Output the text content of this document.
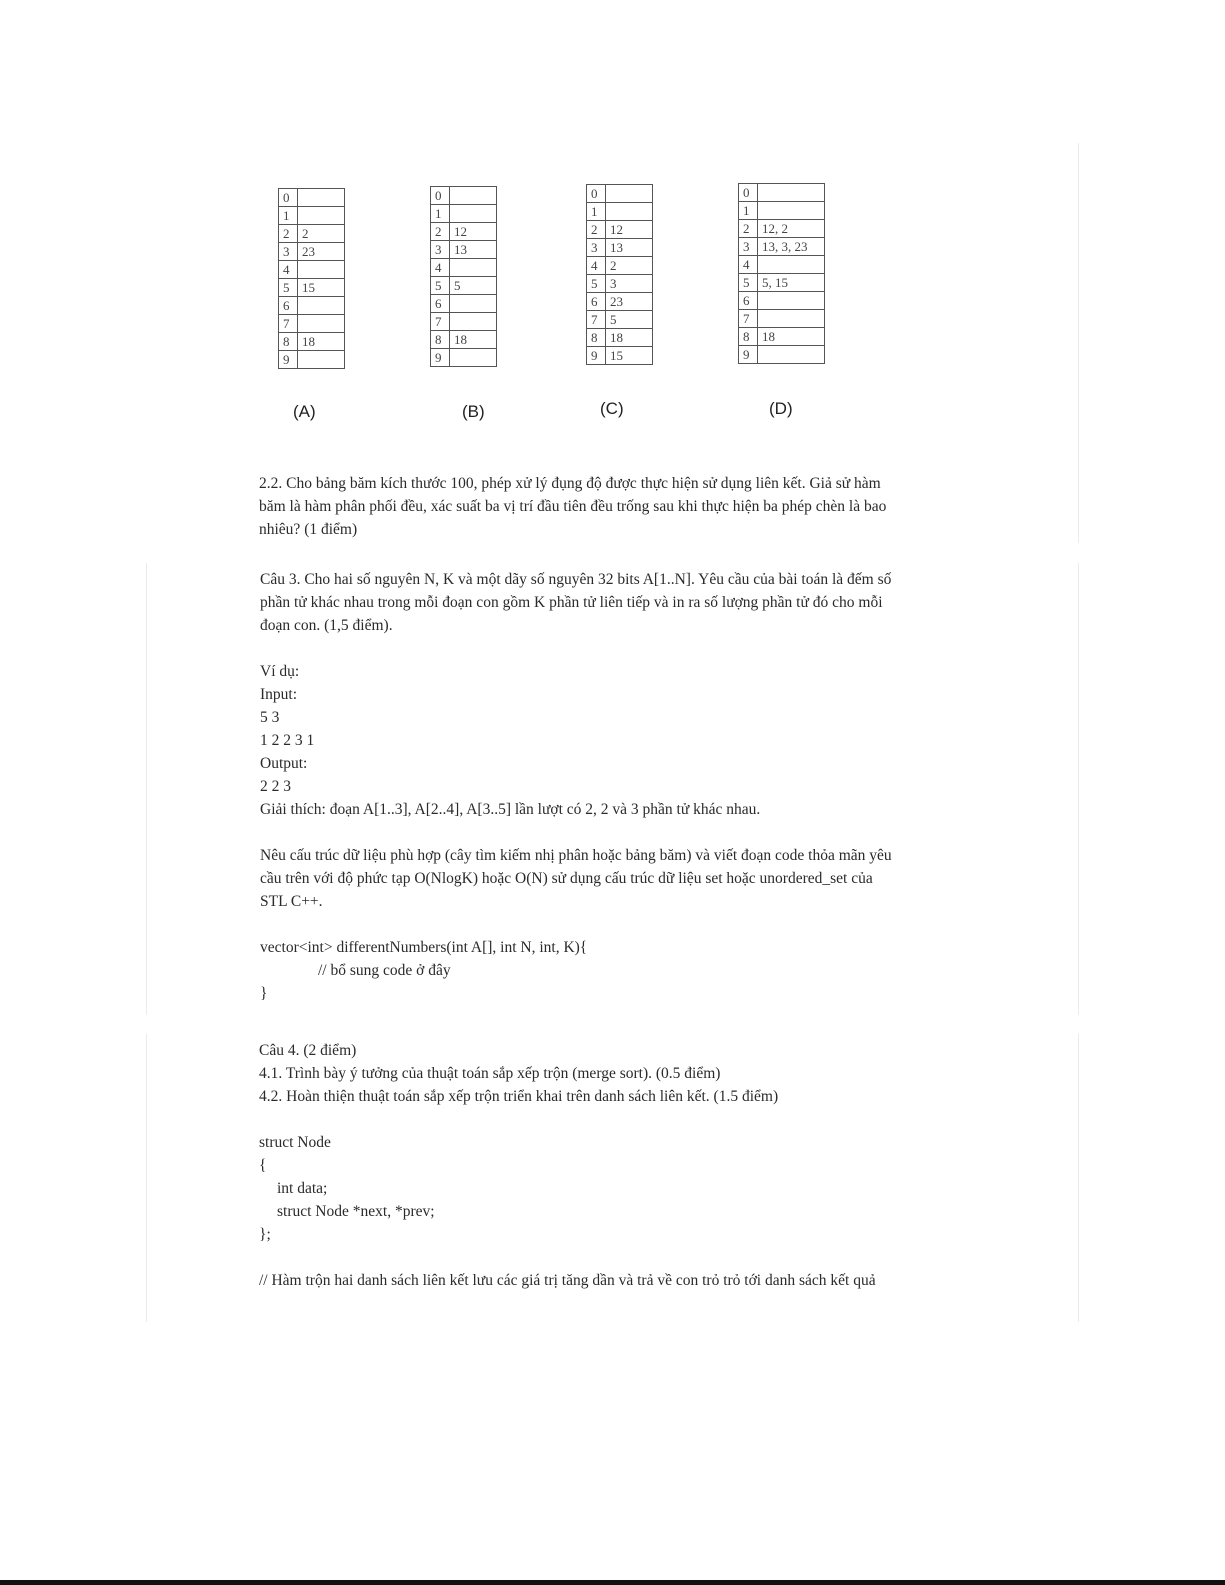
0	
1	
2	2
3	23
4	
5	15
6	
7	
8	18
9	
0	
1	
2	12
3	13
4	
5	5
6	
7	
8	18
9	
0	
1	
2	12
3	13
4	2
5	3
6	23
7	5
8	18
9	15
0	
1	
2	12, 2
3	13, 3, 23
4	
5	5, 15
6	
7	
8	18
9	
(A)	(B)	(C)	(D)

2.2. Cho bảng băm kích thước 100, phép xử lý đụng độ được thực hiện sử dụng liên kết. Giả sử hàm

băm là hàm phân phối đều, xác suất ba vị trí đầu tiên đều trống sau khi thực hiện ba phép chèn là bao

nhiêu? (1 điểm)

Câu 3. Cho hai số nguyên N, K và một dãy số nguyên 32 bits A[1..N]. Yêu cầu của bài toán là đếm số

phần tử khác nhau trong mỗi đoạn con gồm K phần tử liên tiếp và in ra số lượng phần tử đó cho mỗi

đoạn con. (1,5 điểm).

Ví dụ:

Input:

5 3

1 2 2 3 1

Output:

2 2 3

Giải thích: đoạn A[1..3], A[2..4], A[3..5] lần lượt có 2, 2 và 3 phần tử khác nhau.

Nêu cấu trúc dữ liệu phù hợp (cây tìm kiếm nhị phân hoặc bảng băm) và viết đoạn code thỏa mãn yêu

cầu trên với độ phức tạp O(NlogK) hoặc O(N) sử dụng cấu trúc dữ liệu set hoặc unordered_set của

STL C++.

vector<int> differentNumbers(int A[], int N, int, K){

// bổ sung code ở đây

}

Câu 4. (2 điểm)

4.1. Trình bày ý tưởng của thuật toán sắp xếp trộn (merge sort). (0.5 điểm)

4.2. Hoàn thiện thuật toán sắp xếp trộn triển khai trên danh sách liên kết. (1.5 điểm)

struct Node

{

int data;

struct Node *next, *prev;

};

// Hàm trộn hai danh sách liên kết lưu các giá trị tăng dần và trả về con trỏ trỏ tới danh sách kết quả
